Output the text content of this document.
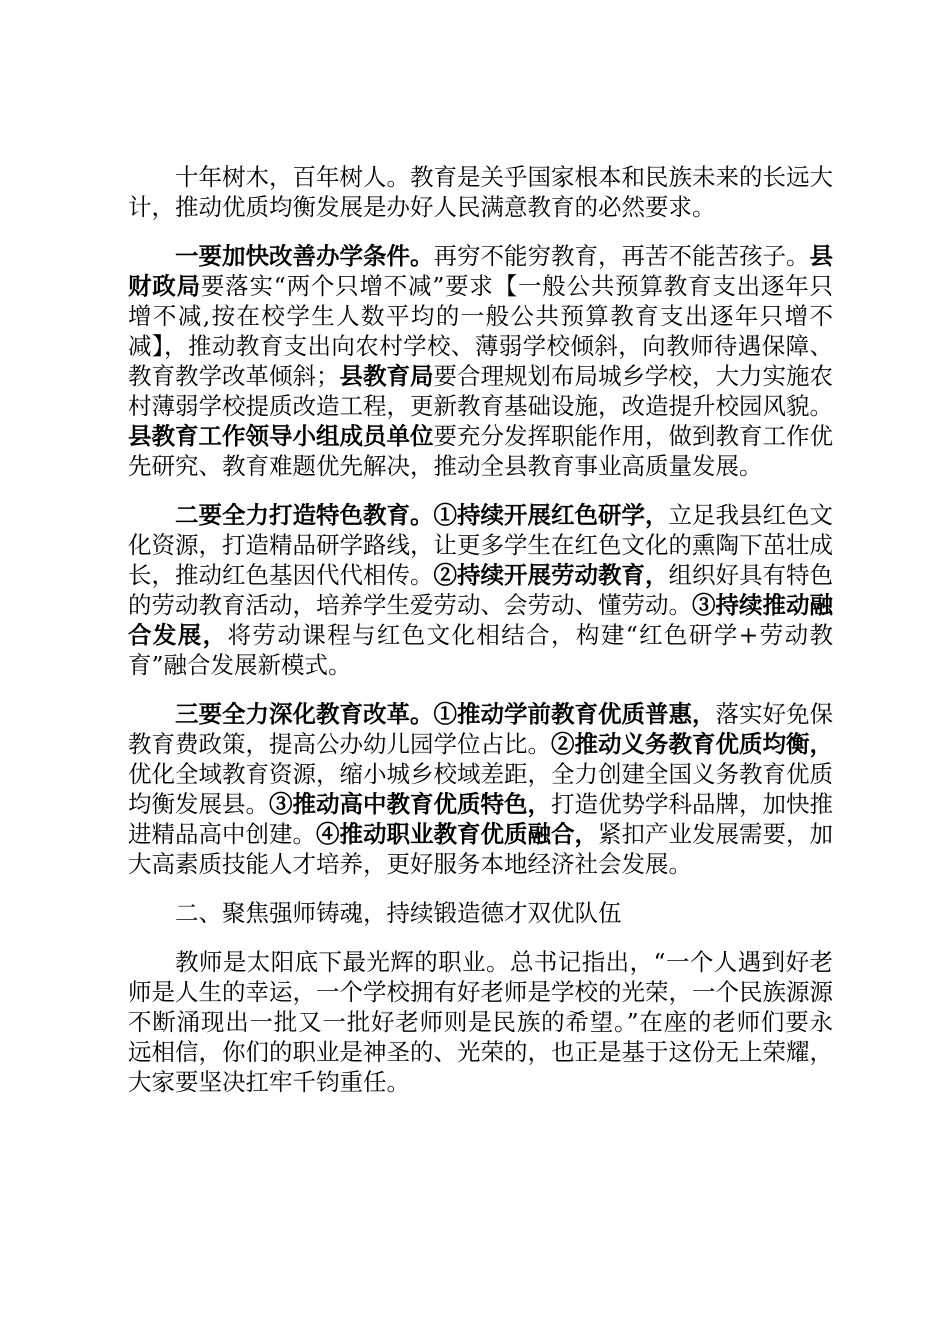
十年树木，百年树人。教育是关乎国家根本和民族未来的长远大计，推动优质均衡发展是办好人民满意教育的必然要求。

一要加快改善办学条件。再穷不能穷教育，再苦不能苦孩子。县财政局要落实“两个只增不减”要求【一般公共预算教育支出逐年只增不减,按在校学生人数平均的一般公共预算教育支出逐年只增不减】，推动教育支出向农村学校、薄弱学校倾斜，向教师待遇保障、教育教学改革倾斜；县教育局要合理规划布局城乡学校，大力实施农村薄弱学校提质改造工程，更新教育基础设施，改造提升校园风貌。县教育工作领导小组成员单位要充分发挥职能作用，做到教育工作优先研究、教育难题优先解决，推动全县教育事业高质量发展。

二要全力打造特色教育。①持续开展红色研学，立足我县红色文化资源，打造精品研学路线，让更多学生在红色文化的熏陶下茁壮成长，推动红色基因代代相传。②持续开展劳动教育，组织好具有特色的劳动教育活动，培养学生爱劳动、会劳动、懂劳动。③持续推动融合发展，将劳动课程与红色文化相结合，构建“红色研学+劳动教育”融合发展新模式。

三要全力深化教育改革。①推动学前教育优质普惠，落实好免保教育费政策，提高公办幼儿园学位占比。②推动义务教育优质均衡，优化全域教育资源，缩小城乡校域差距，全力创建全国义务教育优质均衡发展县。③推动高中教育优质特色，打造优势学科品牌，加快推进精品高中创建。④推动职业教育优质融合，紧扣产业发展需要，加大高素质技能人才培养，更好服务本地经济社会发展。

二、聚焦强师铸魂，持续锻造德才双优队伍

教师是太阳底下最光辉的职业。总书记指出，“一个人遇到好老师是人生的幸运，一个学校拥有好老师是学校的光荣，一个民族源源不断涌现出一批又一批好老师则是民族的希望。”在座的老师们要永远相信，你们的职业是神圣的、光荣的，也正是基于这份无上荣耀，大家要坚决扛牢千钧重任。
